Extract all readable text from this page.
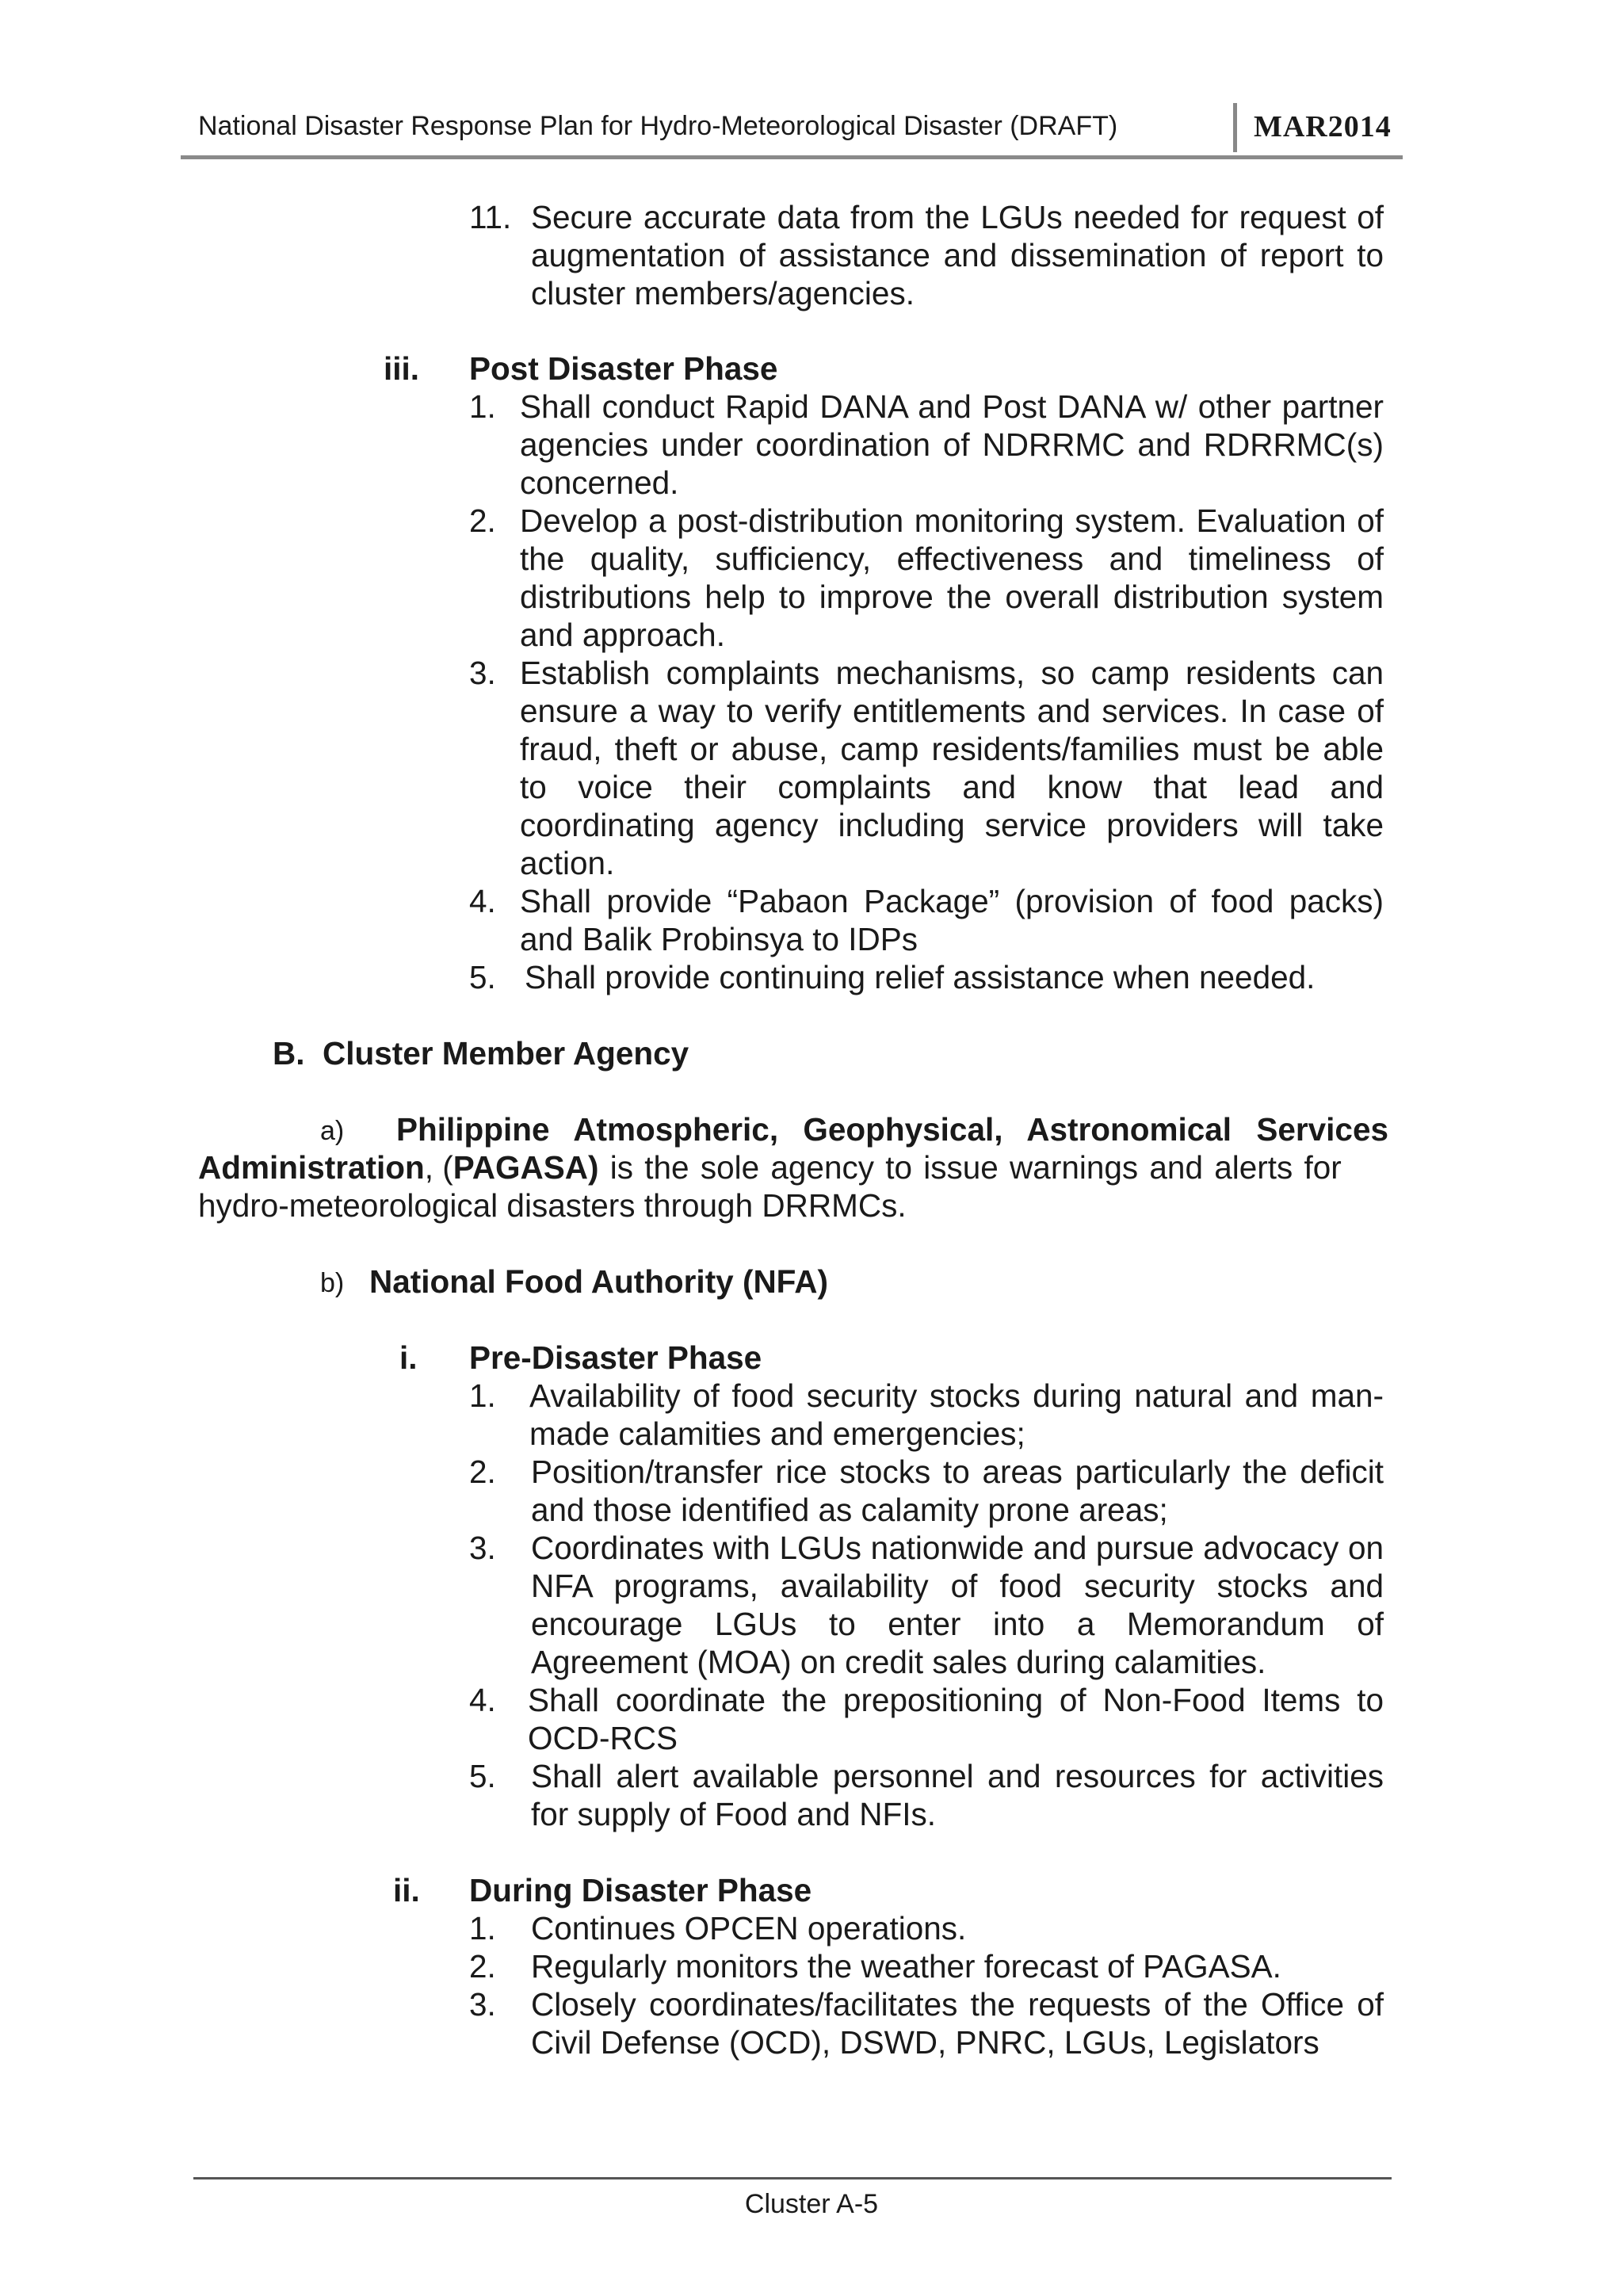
National Disaster Response Plan for Hydro-Meteorological Disaster (DRAFT)	MAR2014
11. Secure accurate data from the LGUs needed for request of augmentation of assistance and dissemination of report to cluster members/agencies.
iii. Post Disaster Phase
1. Shall conduct Rapid DANA and Post DANA w/ other partner agencies under coordination of NDRRMC and RDRRMC(s) concerned.
2. Develop a post-distribution monitoring system. Evaluation of the quality, sufficiency, effectiveness and timeliness of distributions help to improve the overall distribution system and approach.
3. Establish complaints mechanisms, so camp residents can ensure a way to verify entitlements and services. In case of fraud, theft or abuse, camp residents/families must be able to voice their complaints and know that lead and coordinating agency including service providers will take action.
4. Shall provide “Pabaon Package” (provision of food packs) and Balik Probinsya to IDPs
5. Shall provide continuing relief assistance when needed.
B.  Cluster Member Agency
a) Philippine Atmospheric, Geophysical, Astronomical Services
Administration, (PAGASA) is the sole agency to issue warnings and alerts for
hydro-meteorological disasters through DRRMCs.
b) National Food Authority (NFA)
i. Pre-Disaster Phase
1. Availability of food security stocks during natural and man-made calamities and emergencies;
2. Position/transfer rice stocks to areas particularly the deficit and those identified as calamity prone areas;
3. Coordinates with LGUs nationwide and pursue advocacy on NFA programs, availability of food security stocks and encourage LGUs to enter into a Memorandum of Agreement (MOA) on credit sales during calamities.
4. Shall coordinate the prepositioning of Non-Food Items to OCD-RCS
5. Shall alert available personnel and resources for activities for supply of Food and NFIs.
ii. During Disaster Phase
1. Continues OPCEN operations.
2. Regularly monitors the weather forecast of PAGASA.
3. Closely coordinates/facilitates the requests of the Office of Civil Defense (OCD), DSWD, PNRC, LGUs, Legislators
Cluster A-5
